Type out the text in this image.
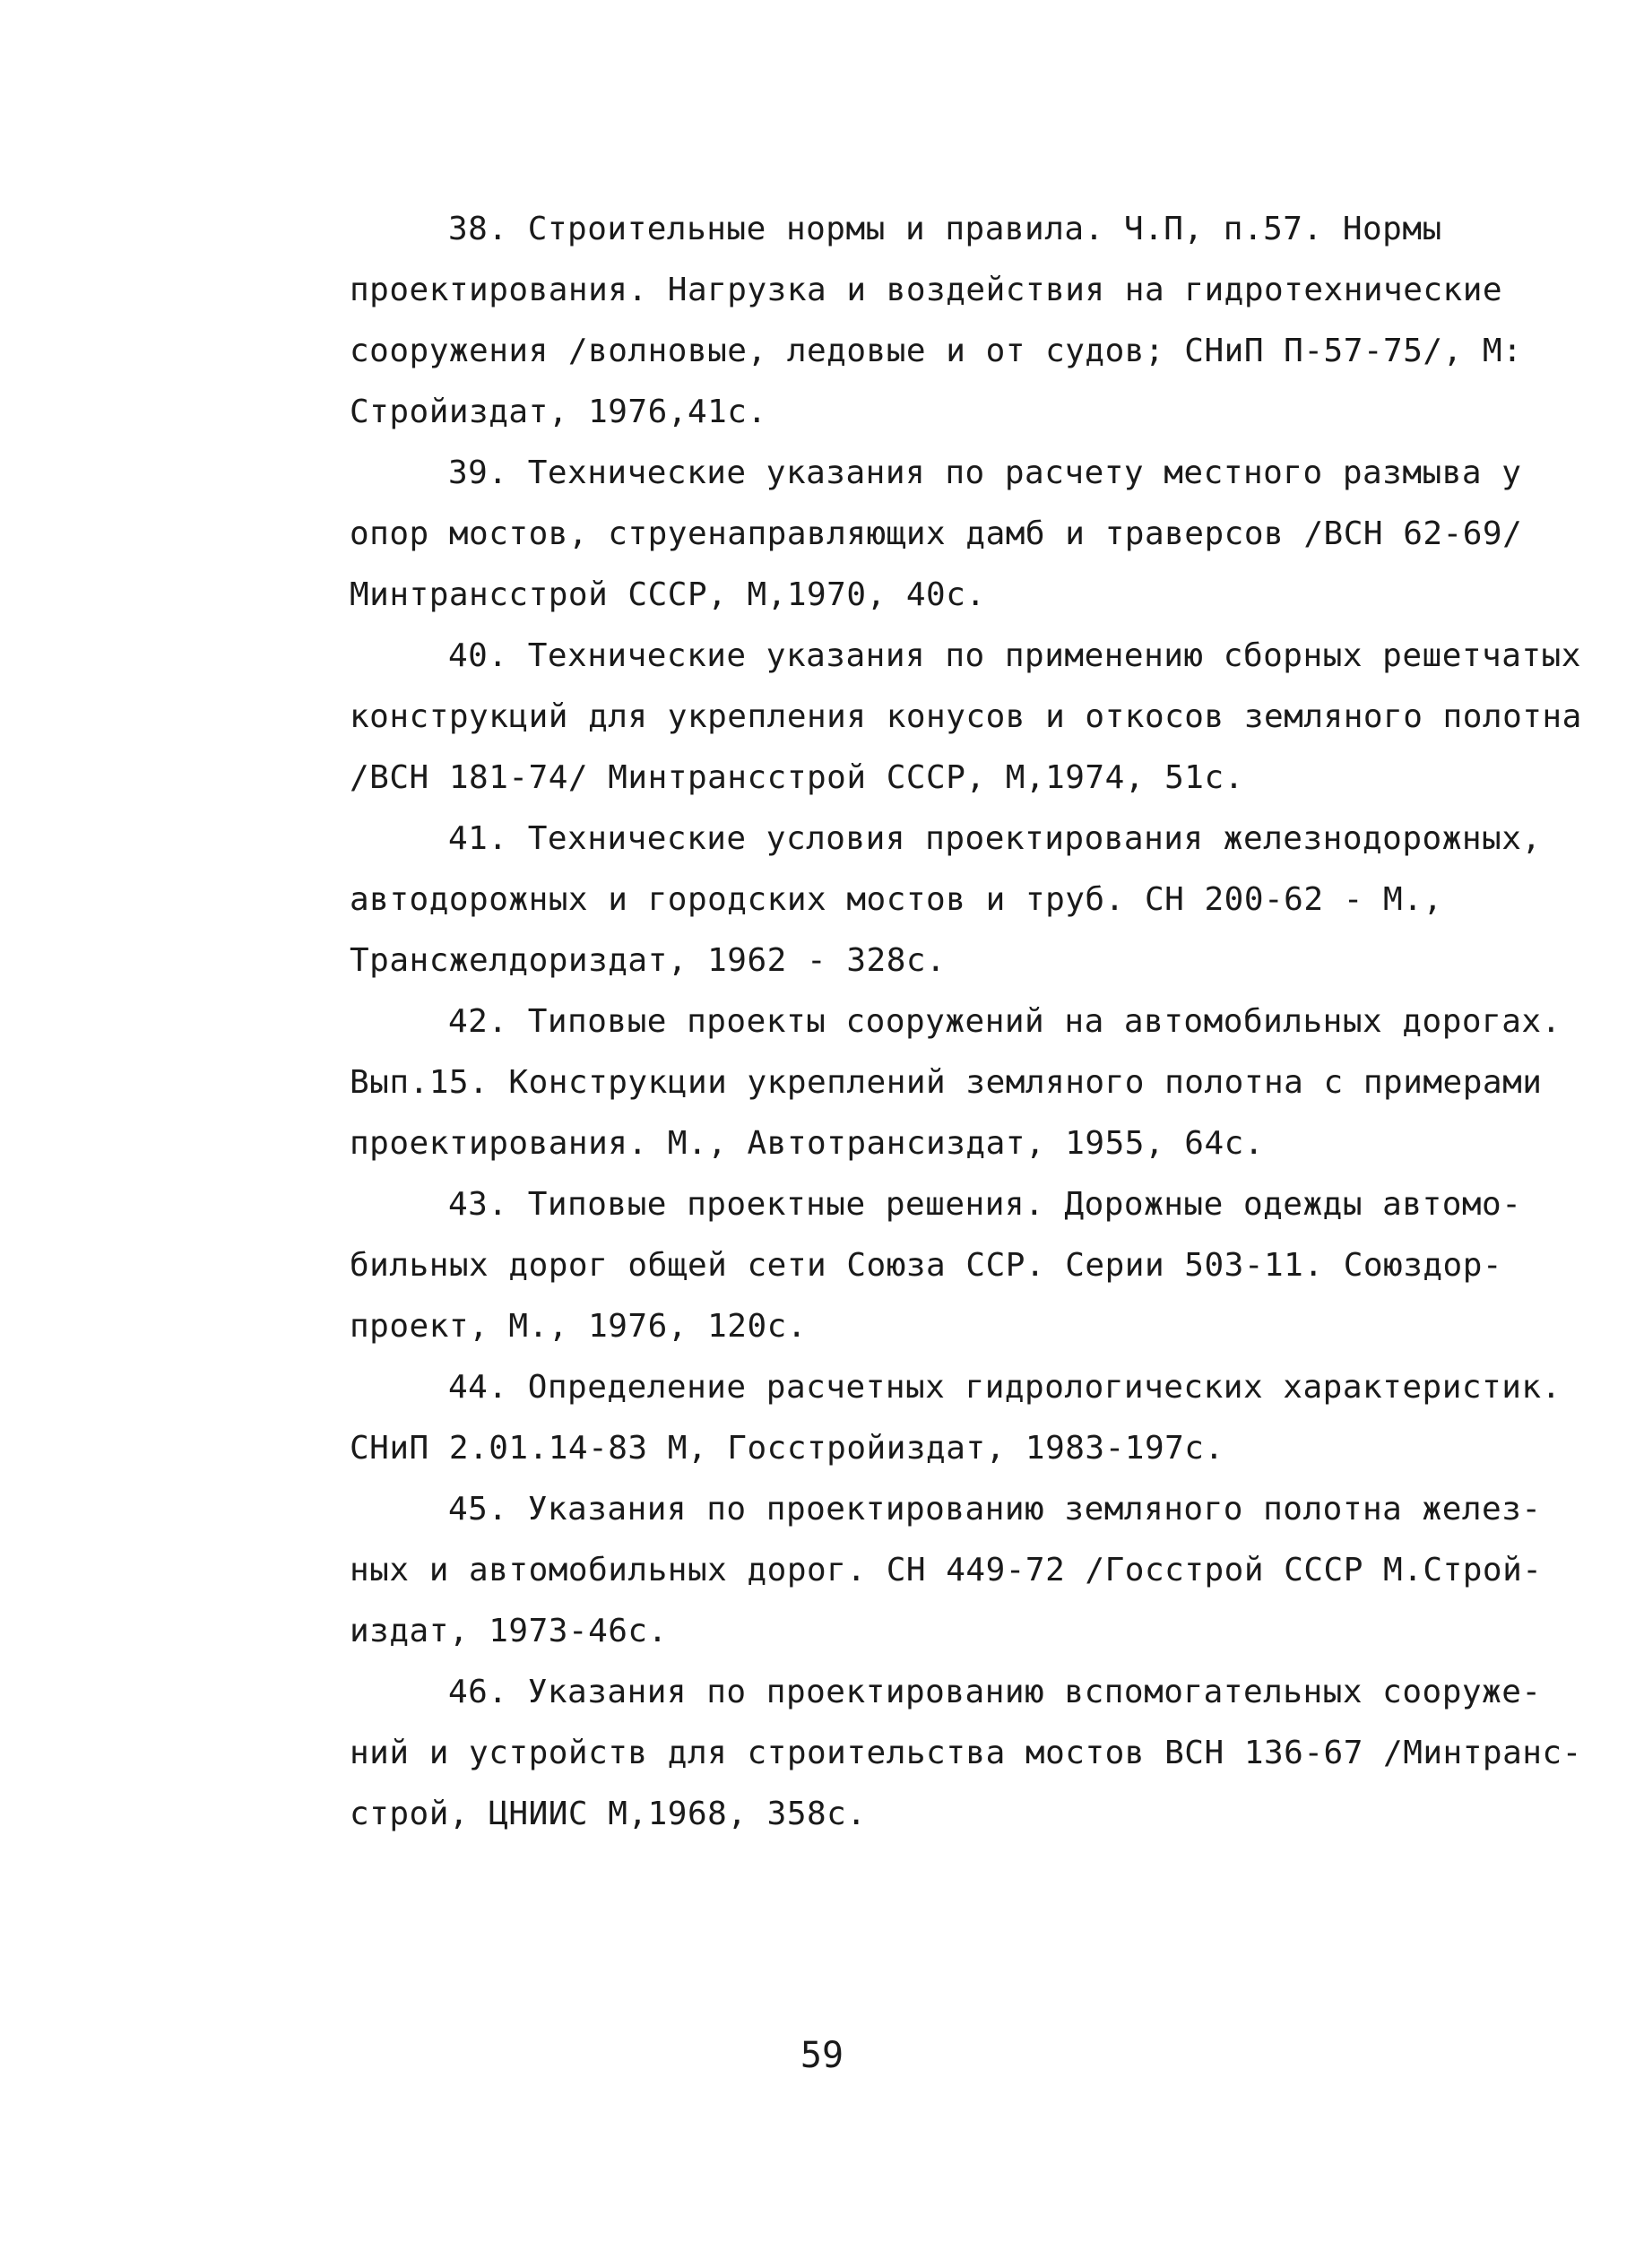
38. Строительные нормы и правила. Ч.П, п.57. Нормы
проектирования. Нагрузка и воздействия на гидротехнические
сооружения /волновые, ледовые и от судов; СНиП П-57-75/, М:
Стройиздат, 1976,41с.
39. Технические указания по расчету местного размыва у
опор мостов, струенаправляющих дамб и траверсов /ВСН 62-69/
Минтрансстрой СССР, М,1970, 40с.
40. Технические указания по применению сборных решетчатых
конструкций для укрепления конусов и откосов земляного полотна
/ВСН 181-74/ Минтрансстрой СССР, М,1974, 51с.
41. Технические условия проектирования железнодорожных,
автодорожных и городских мостов и труб. СН 200-62 - М.,
Трансжелдориздат, 1962 - 328с.
42. Типовые проекты сооружений на автомобильных дорогах.
Вып.15. Конструкции укреплений земляного полотна с примерами
проектирования. М., Автотрансиздат, 1955, 64с.
43. Типовые проектные решения. Дорожные одежды автомо-
бильных дорог общей сети Союза ССР. Серии 503-11. Союздор-
проект, М., 1976, 120с.
44. Определение расчетных гидрологических характеристик.
СНиП 2.01.14-83 М, Госстройиздат, 1983-197с.
45. Указания по проектированию земляного полотна желез-
ных и автомобильных дорог. СН 449-72 /Госстрой СССР М.Строй-
издат, 1973-46с.
46. Указания по проектированию вспомогательных сооруже-
ний и устройств для строительства мостов ВСН 136-67 /Минтранс-
строй, ЦНИИС М,1968, 358с.
59
